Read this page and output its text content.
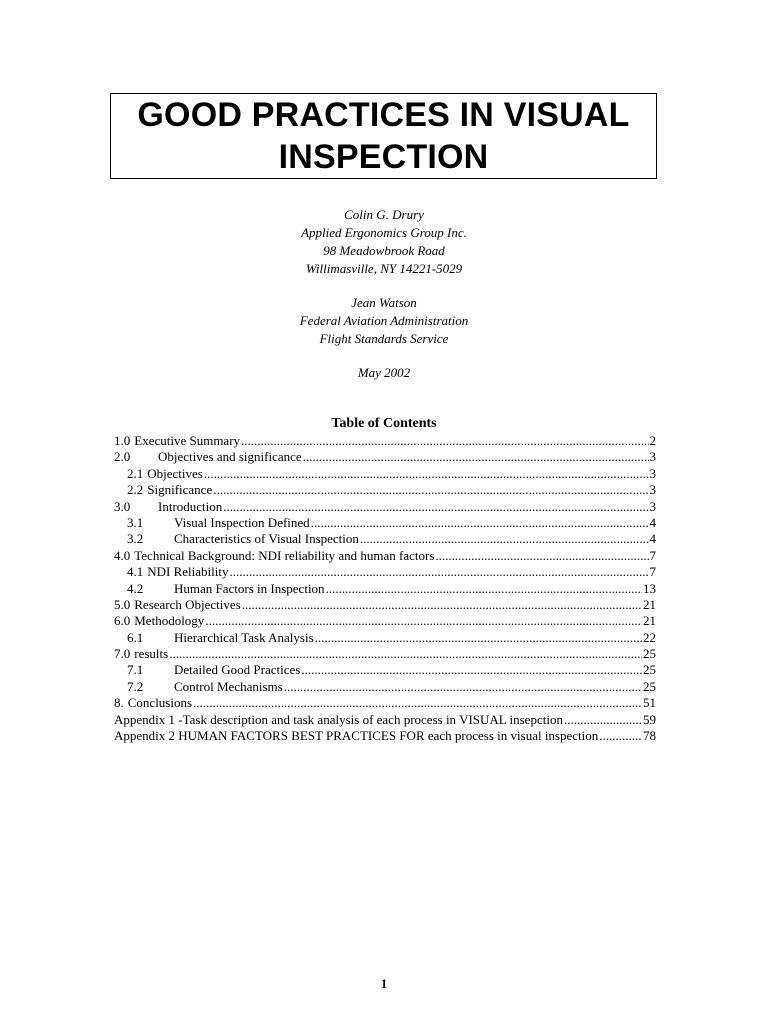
GOOD PRACTICES IN VISUAL
INSPECTION
Colin G. Drury
Applied Ergonomics Group Inc.
98 Meadowbrook Road
Willimasville, NY 14221-5029
Jean Watson
Federal Aviation Administration
Flight Standards Service
May 2002
Table of Contents
1.0 Executive Summary .....	2
2.0	Objectives and significance .....	3
2.1 Objectives .....	3
2.2 Significance .....	3
3.0	Introduction .....	3
3.1	Visual Inspection Defined .....	4
3.2	Characteristics of Visual Inspection .....	4
4.0 Technical Background: NDI reliability and human factors .....	7
4.1 NDI Reliability .....	7
4.2	Human Factors in Inspection .....	13
5.0 Research Objectives .....	21
6.0 Methodology .....	21
6.1	Hierarchical Task Analysis .....	22
7.0 results .....	25
7.1	Detailed Good Practices .....	25
7.2	Control Mechanisms .....	25
8. Conclusions .....	51
Appendix 1 -Task description and task analysis of each process in VISUAL insepction .....	59
Appendix 2 HUMAN FACTORS BEST PRACTICES FOR each process in visual inspection .....	78
1
